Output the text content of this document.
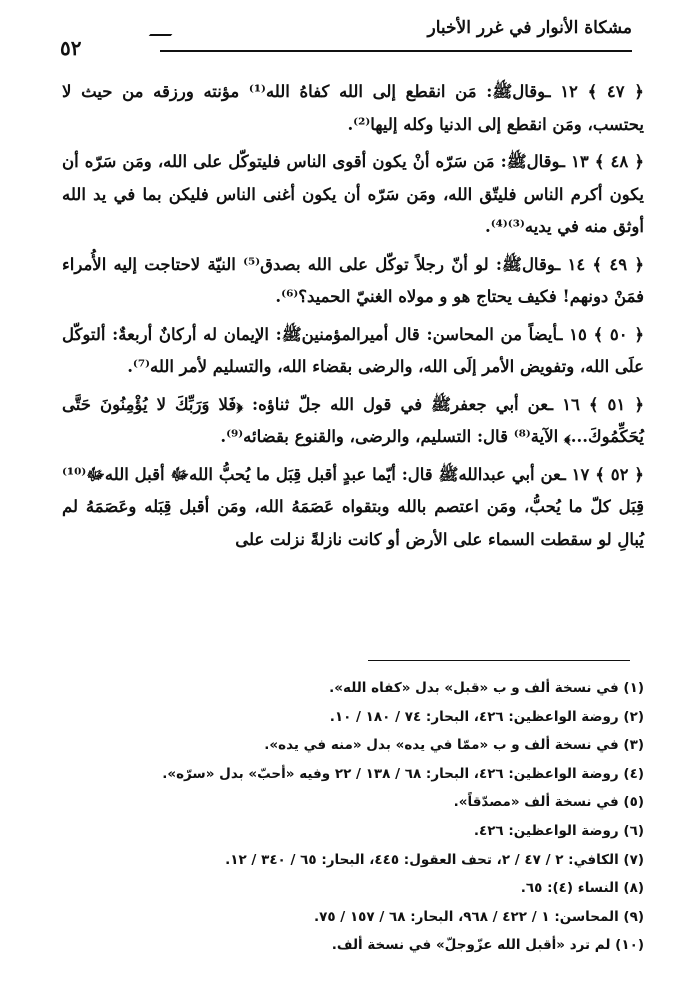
مشكاة الأنوار في غرر الأخبار
٥٢

﴿ ٤٧ ﴾ ١٢ ـوقالﷺ: مَن انقطع إلى الله كفاهُ الله⁽¹⁾ مؤنته ورزقه من حيث لا يحتسب، ومَن انقطع إلى الدنيا وكله إليها⁽²⁾.

﴿ ٤٨ ﴾ ١٣ ـوقالﷺ: مَن سَرّه أنْ يكون أقوى الناس فليتوكّل على الله، ومَن سَرّه أن يكون أكرم الناس فليتّق الله، ومَن سَرّه أن يكون أغنى الناس فليكن بما في يد الله أوثق منه في يديه⁽³⁾⁽⁴⁾.

﴿ ٤٩ ﴾ ١٤ ـوقالﷺ: لو أنّ رجلاً توكّل على الله بصدق⁽⁵⁾ النيّة لاحتاجت إليه الأُمراء فمَنْ دونهم! فكيف يحتاج هو و مولاه الغنيّ الحميد؟⁽⁶⁾.

﴿ ٥٠ ﴾ ١٥ ـأيضاً من المحاسن: قال أميرالمؤمنينﷺ: الإيمان له أركانٌ أربعةٌ: ألتوكّل علَى الله، وتفويض الأمر إلَى الله، والرضى بقضاء الله، والتسليم لأمر الله⁽⁷⁾.

﴿ ٥١ ﴾ ١٦ ـعن أبي جعفرﷺ في قول الله جلّ ثناؤه: ﴿فَلا وَرَبِّكَ لا يُؤْمِنُونَ حَتَّى يُحَكِّمُوكَ...﴾ الآية⁽⁸⁾ قال: التسليم، والرضى، والقنوع بقضائه⁽⁹⁾.

﴿ ٥٢ ﴾ ١٧ ـعن أبي عبداللهﷺ قال: أيّما عبدٍ أقبل قِبَل ما يُحبُّ اللهﷻ أقبل اللهﷻ⁽¹⁰⁾ قِبَل كلّ ما يُحبُّ، ومَن اعتصم بالله وبتقواه عَصَمَهُ الله، ومَن أقبل قِبَله وعَصَمَهُ لم يُبالِ لو سقطت السماء على الأرض أو كانت نازلةً نزلت على

(١) في نسخة ألف و ب «قبل» بدل «كفاه الله».
(٢) روضة الواعظين: ٤٢٦، البحار: ٧٤ / ١٨٠ / ١٠.
(٣) في نسخة ألف و ب «ممّا في يده» بدل «منه في يده».
(٤) روضة الواعظين: ٤٢٦، البحار: ٦٨ / ١٣٨ / ٢٢ وفيه «أحبّ» بدل «سرّه».
(٥) في نسخة ألف «مصدّقاً».
(٦) روضة الواعظين: ٤٢٦.
(٧) الكافي: ٢ / ٤٧ / ٢، تحف العقول: ٤٤٥، البحار: ٦٥ / ٣٤٠ / ١٢.
(٨) النساء (٤): ٦٥.
(٩) المحاسن: ١ / ٤٢٢ / ٩٦٨، البحار: ٦٨ / ١٥٧ / ٧٥.
(١٠) لم ترد «أقبل الله عزّوجلّ» في نسخة ألف.
